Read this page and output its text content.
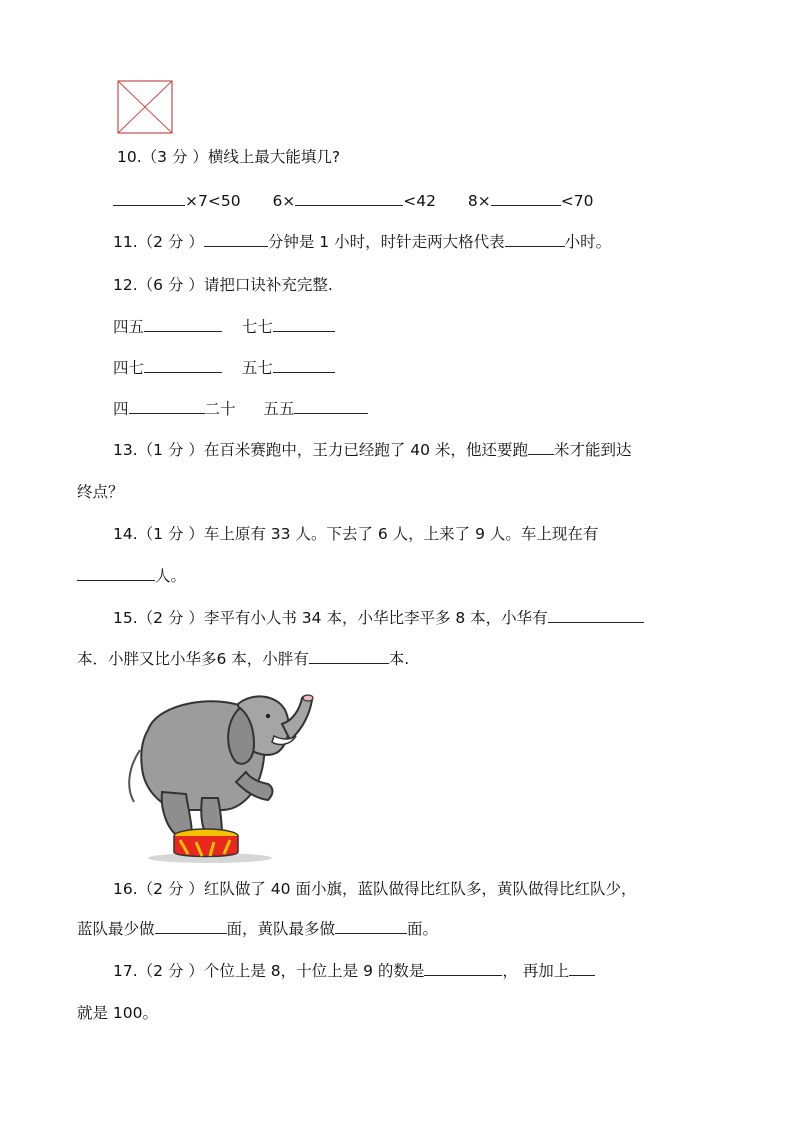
10.（3 分 ）横线上最大能填几?
×7<50 6×	<42 8×	<70
11.（2 分 ）	分钟是 1 小时，时针走两大格代表	小时。
12.（6 分 ）请把口诀补充完整.
四五	七七
四七	五七
四	二十 五五
13.（1 分 ）在百米赛跑中，王力已经跑了 40 米，他还要跑 米才能到达
终点？
14.（1 分 ）车上原有 33 人。下去了 6 人，上来了 9 人。车上现在有
人。
15.（2 分 ）李平有小人书 34 本，小华比李平多 8 本，小华有
本．小胖又比小华多6 本，小胖有	本.
16.（2 分 ）红队做了 40 面小旗，蓝队做得比红队多，黄队做得比红队少，
蓝队最少做	面，黄队最多做	面。
17.（2 分 ）个位上是 8，十位上是 9 的数是	， 再加上
就是 100。
